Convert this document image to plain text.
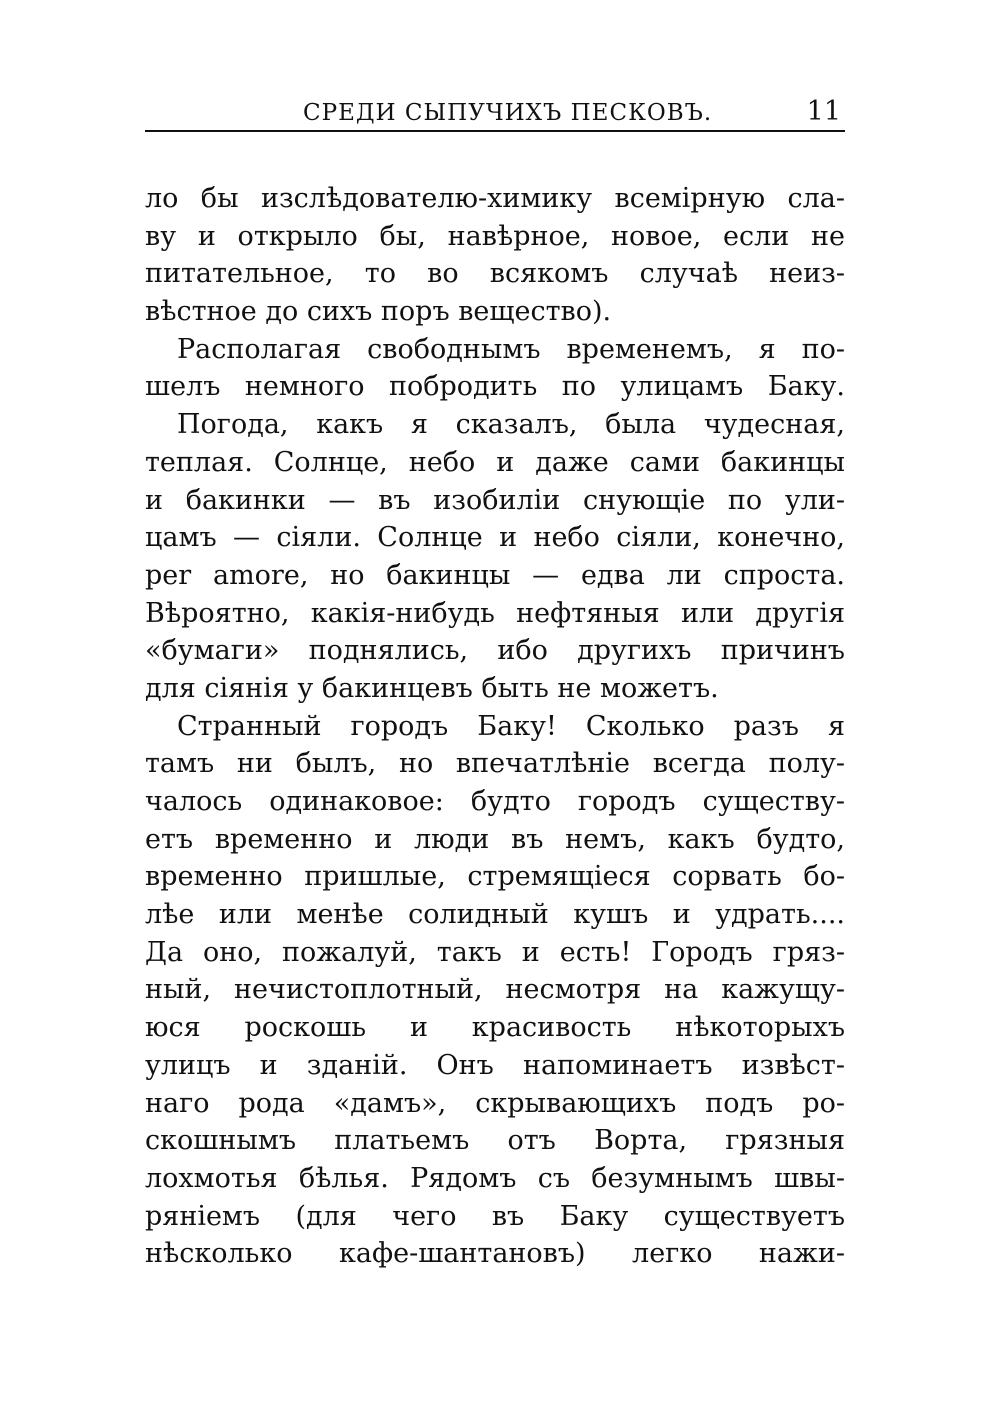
СРЕДИ СЫПУЧИХЪ ПЕСКОВЪ.	11
ло бы изслѣдователю-химику всемірную сла-
ву и открыло бы, навѣрное, новое, если не
питательное, то во всякомъ случаѣ неиз-
вѣстное до сихъ поръ вещество).
Располагая свободнымъ временемъ, я по-
шелъ немного побродить по улицамъ Баку.
Погода, какъ я сказалъ, была чудесная,
теплая. Солнце, небо и даже сами бакинцы
и бакинки — въ изобиліи снующіе по ули-
цамъ — сіяли. Солнце и небо сіяли, конечно,
per amore, но бакинцы — едва ли спроста.
Вѣроятно, какія-нибудь нефтяныя или другія
«бумаги» поднялись, ибо другихъ причинъ
для сіянія у бакинцевъ быть не можетъ.
Странный городъ Баку! Сколько разъ я
тамъ ни былъ, но впечатлѣніе всегда полу-
чалось одинаковое: будто городъ существу-
етъ временно и люди въ немъ, какъ будто,
временно пришлые, стремящіеся сорвать бо-
лѣе или менѣе солидный кушъ и удрать....
Да оно, пожалуй, такъ и есть! Городъ гряз-
ный, нечистоплотный, несмотря на кажущу-
юся роскошь и красивость нѣкоторыхъ
улицъ и зданій. Онъ напоминаетъ извѣст-
наго рода «дамъ», скрывающихъ подъ ро-
скошнымъ платьемъ отъ Ворта, грязныя
лохмотья бѣлья. Рядомъ съ безумнымъ швы-
ряніемъ (для чего въ Баку существуетъ
нѣсколько кафе-шантановъ) легко нажи-
